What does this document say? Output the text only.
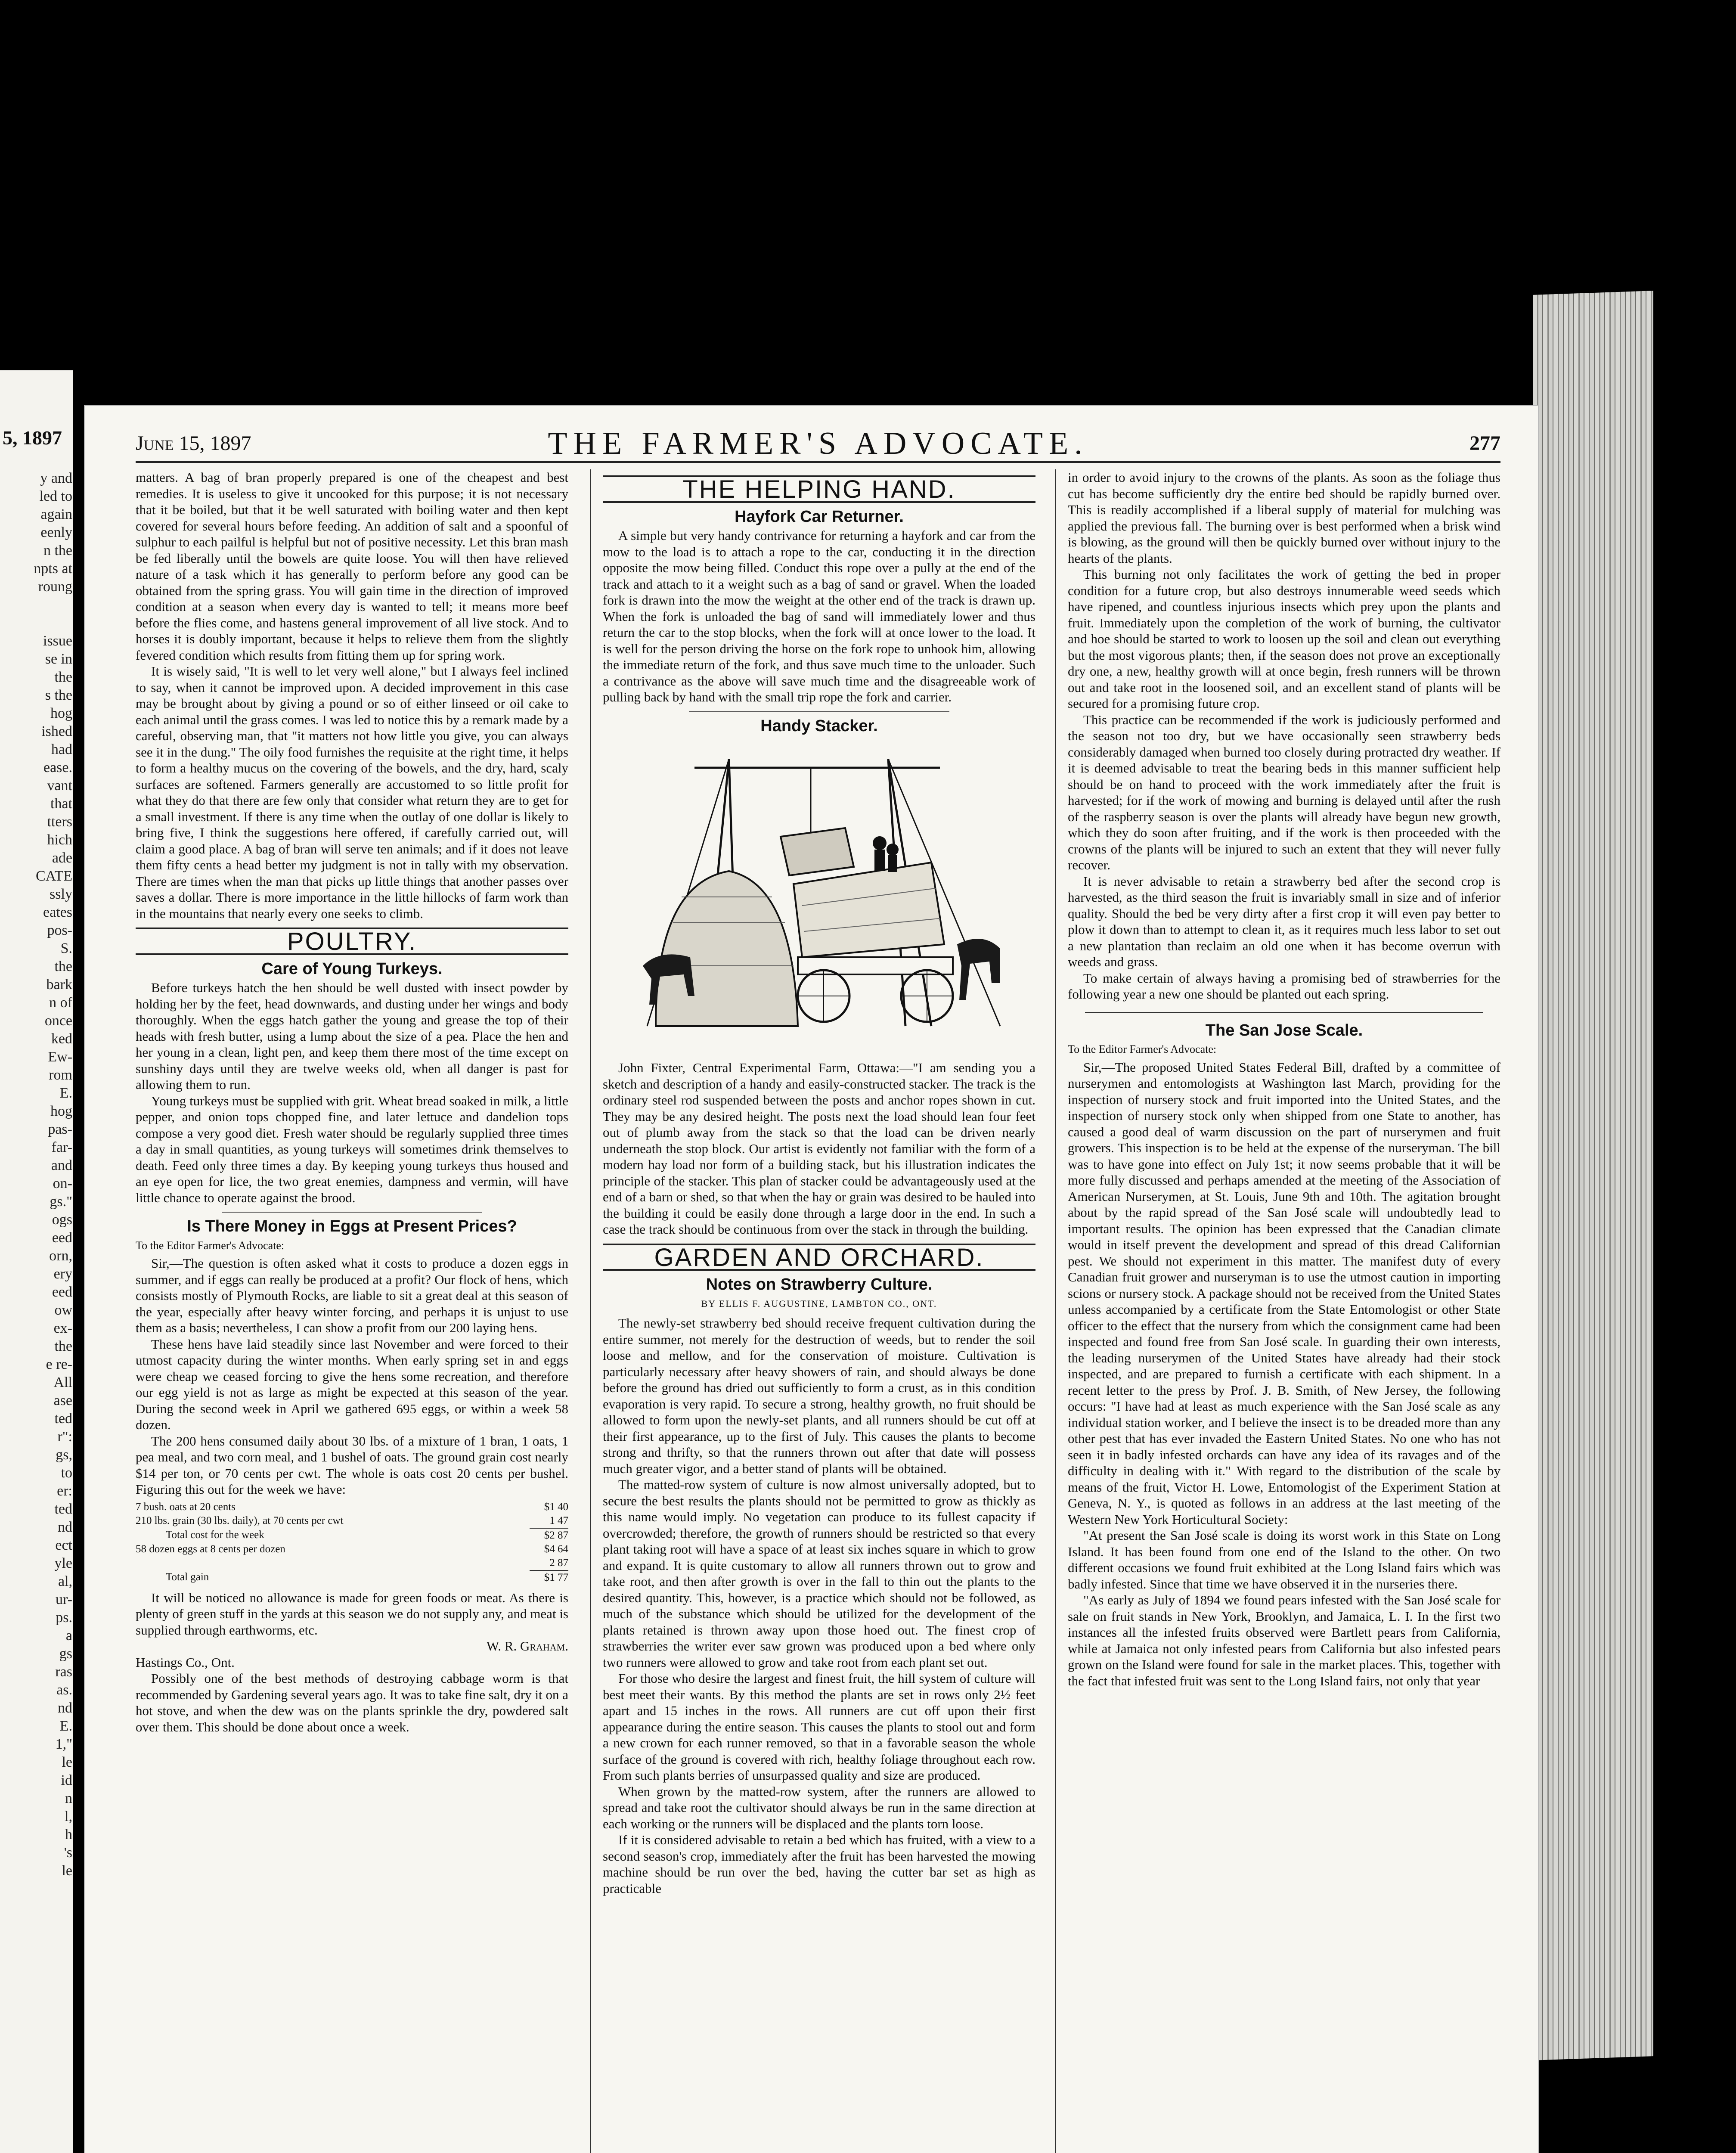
5, 1897
y and
led to
again
eenly
n the
npts at
roung

issue
se in
the
s the
hog
ished
had
ease.
vant
that
tters
hich
ade
CATE
ssly
eates
pos-
S.
the
bark
n of
once
ked
Ew-
rom
E.
hog
pas-
far-
and
on-
gs."
ogs
eed
orn,
ery
eed
ow
ex-
the
e re-
All
ase
ted
r":
gs,
to
er:
ted
nd
ect
yle
al,
ur-
ps.
a
gs
ras
as.
nd
E.
1,"
le
id
n
l,
h
's
le
June 15, 1897	THE FARMER'S ADVOCATE.	277

matters. A bag of bran properly prepared is one of the cheapest and best remedies. It is useless to give it uncooked for this purpose; it is not necessary that it be boiled, but that it be well saturated with boiling water and then kept covered for several hours before feeding. An addition of salt and a spoonful of sulphur to each pailful is helpful but not of positive necessity. Let this bran mash be fed liberally until the bowels are quite loose. You will then have relieved nature of a task which it has generally to perform before any good can be obtained from the spring grass. You will gain time in the direction of improved condition at a season when every day is wanted to tell; it means more beef before the flies come, and hastens general improvement of all live stock. And to horses it is doubly important, because it helps to relieve them from the slightly fevered condition which results from fitting them up for spring work.

It is wisely said, "It is well to let very well alone," but I always feel inclined to say, when it cannot be improved upon. A decided improvement in this case may be brought about by giving a pound or so of either linseed or oil cake to each animal until the grass comes. I was led to notice this by a remark made by a careful, observing man, that "it matters not how little you give, you can always see it in the dung." The oily food furnishes the requisite at the right time, it helps to form a healthy mucus on the covering of the bowels, and the dry, hard, scaly surfaces are softened. Farmers generally are accustomed to so little profit for what they do that there are few only that consider what return they are to get for a small investment. If there is any time when the outlay of one dollar is likely to bring five, I think the suggestions here offered, if carefully carried out, will claim a good place. A bag of bran will serve ten animals; and if it does not leave them fifty cents a head better my judgment is not in tally with my observation. There are times when the man that picks up little things that another passes over saves a dollar. There is more importance in the little hillocks of farm work than in the mountains that nearly every one seeks to climb.

POULTRY.
Care of Young Turkeys.

Before turkeys hatch the hen should be well dusted with insect powder by holding her by the feet, head downwards, and dusting under her wings and body thoroughly. When the eggs hatch gather the young and grease the top of their heads with fresh butter, using a lump about the size of a pea. Place the hen and her young in a clean, light pen, and keep them there most of the time except on sunshiny days until they are twelve weeks old, when all danger is past for allowing them to run.

Young turkeys must be supplied with grit. Wheat bread soaked in milk, a little pepper, and onion tops chopped fine, and later lettuce and dandelion tops compose a very good diet. Fresh water should be regularly supplied three times a day in small quantities, as young turkeys will sometimes drink themselves to death. Feed only three times a day. By keeping young turkeys thus housed and an eye open for lice, the two great enemies, dampness and vermin, will have little chance to operate against the brood.

Is There Money in Eggs at Present Prices?
To the Editor Farmer's Advocate:

Sir,—The question is often asked what it costs to produce a dozen eggs in summer, and if eggs can really be produced at a profit? Our flock of hens, which consists mostly of Plymouth Rocks, are liable to sit a great deal at this season of the year, especially after heavy winter forcing, and perhaps it is unjust to use them as a basis; nevertheless, I can show a profit from our 200 laying hens.

These hens have laid steadily since last November and were forced to their utmost capacity during the winter months. When early spring set in and eggs were cheap we ceased forcing to give the hens some recreation, and therefore our egg yield is not as large as might be expected at this season of the year. During the second week in April we gathered 695 eggs, or within a week 58 dozen.

The 200 hens consumed daily about 30 lbs. of a mixture of 1 bran, 1 oats, 1 pea meal, and two corn meal, and 1 bushel of oats. The ground grain cost nearly $14 per ton, or 70 cents per cwt. The whole is oats cost 20 cents per bushel. Figuring this out for the week we have:

7 bush. oats at 20 cents	$1 40
210 lbs. grain (30 lbs. daily), at 70 cents per cwt	1 47
Total cost for the week	$2 87
58 dozen eggs at 8 cents per dozen	$4 64
	2 87
Total gain	$1 77

It will be noticed no allowance is made for green foods or meat. As there is plenty of green stuff in the yards at this season we do not supply any, and meat is supplied through earthworms, etc.

W. R. Graham.

Hastings Co., Ont.

Possibly one of the best methods of destroying cabbage worm is that recommended by Gardening several years ago. It was to take fine salt, dry it on a hot stove, and when the dew was on the plants sprinkle the dry, powdered salt over them. This should be done about once a week.

THE HELPING HAND.
Hayfork Car Returner.

A simple but very handy contrivance for returning a hayfork and car from the mow to the load is to attach a rope to the car, conducting it in the direction opposite the mow being filled. Conduct this rope over a pully at the end of the track and attach to it a weight such as a bag of sand or gravel. When the loaded fork is drawn into the mow the weight at the other end of the track is drawn up. When the fork is unloaded the bag of sand will immediately lower and thus return the car to the stop blocks, when the fork will at once lower to the load. It is well for the person driving the horse on the fork rope to unhook him, allowing the immediate return of the fork, and thus save much time to the unloader. Such a contrivance as the above will save much time and the disagreeable work of pulling back by hand with the small trip rope the fork and carrier.

Handy Stacker.

John Fixter, Central Experimental Farm, Ottawa:—"I am sending you a sketch and description of a handy and easily-constructed stacker. The track is the ordinary steel rod suspended between the posts and anchor ropes shown in cut. They may be any desired height. The posts next the load should lean four feet out of plumb away from the stack so that the load can be driven nearly underneath the stop block. Our artist is evidently not familiar with the form of a modern hay load nor form of a building stack, but his illustration indicates the principle of the stacker. This plan of stacker could be advantageously used at the end of a barn or shed, so that when the hay or grain was desired to be hauled into the building it could be easily done through a large door in the end. In such a case the track should be continuous from over the stack in through the building.

GARDEN AND ORCHARD.
Notes on Strawberry Culture.
BY ELLIS F. AUGUSTINE, LAMBTON CO., ONT.

The newly-set strawberry bed should receive frequent cultivation during the entire summer, not merely for the destruction of weeds, but to render the soil loose and mellow, and for the conservation of moisture. Cultivation is particularly necessary after heavy showers of rain, and should always be done before the ground has dried out sufficiently to form a crust, as in this condition evaporation is very rapid. To secure a strong, healthy growth, no fruit should be allowed to form upon the newly-set plants, and all runners should be cut off at their first appearance, up to the first of July. This causes the plants to become strong and thrifty, so that the runners thrown out after that date will possess much greater vigor, and a better stand of plants will be obtained.

The matted-row system of culture is now almost universally adopted, but to secure the best results the plants should not be permitted to grow as thickly as this name would imply. No vegetation can produce to its fullest capacity if overcrowded; therefore, the growth of runners should be restricted so that every plant taking root will have a space of at least six inches square in which to grow and expand. It is quite customary to allow all runners thrown out to grow and take root, and then after growth is over in the fall to thin out the plants to the desired quantity. This, however, is a practice which should not be followed, as much of the substance which should be utilized for the development of the plants retained is thrown away upon those hoed out. The finest crop of strawberries the writer ever saw grown was produced upon a bed where only two runners were allowed to grow and take root from each plant set out.

For those who desire the largest and finest fruit, the hill system of culture will best meet their wants. By this method the plants are set in rows only 2½ feet apart and 15 inches in the rows. All runners are cut off upon their first appearance during the entire season. This causes the plants to stool out and form a new crown for each runner removed, so that in a favorable season the whole surface of the ground is covered with rich, healthy foliage throughout each row. From such plants berries of unsurpassed quality and size are produced.

When grown by the matted-row system, after the runners are allowed to spread and take root the cultivator should always be run in the same direction at each working or the runners will be displaced and the plants torn loose.

If it is considered advisable to retain a bed which has fruited, with a view to a second season's crop, immediately after the fruit has been harvested the mowing machine should be run over the bed, having the cutter bar set as high as practicable

in order to avoid injury to the crowns of the plants. As soon as the foliage thus cut has become sufficiently dry the entire bed should be rapidly burned over. This is readily accomplished if a liberal supply of material for mulching was applied the previous fall. The burning over is best performed when a brisk wind is blowing, as the ground will then be quickly burned over without injury to the hearts of the plants.

This burning not only facilitates the work of getting the bed in proper condition for a future crop, but also destroys innumerable weed seeds which have ripened, and countless injurious insects which prey upon the plants and fruit. Immediately upon the completion of the work of burning, the cultivator and hoe should be started to work to loosen up the soil and clean out everything but the most vigorous plants; then, if the season does not prove an exceptionally dry one, a new, healthy growth will at once begin, fresh runners will be thrown out and take root in the loosened soil, and an excellent stand of plants will be secured for a promising future crop.

This practice can be recommended if the work is judiciously performed and the season not too dry, but we have occasionally seen strawberry beds considerably damaged when burned too closely during protracted dry weather. If it is deemed advisable to treat the bearing beds in this manner sufficient help should be on hand to proceed with the work immediately after the fruit is harvested; for if the work of mowing and burning is delayed until after the rush of the raspberry season is over the plants will already have begun new growth, which they do soon after fruiting, and if the work is then proceeded with the crowns of the plants will be injured to such an extent that they will never fully recover.

It is never advisable to retain a strawberry bed after the second crop is harvested, as the third season the fruit is invariably small in size and of inferior quality. Should the bed be very dirty after a first crop it will even pay better to plow it down than to attempt to clean it, as it requires much less labor to set out a new plantation than reclaim an old one when it has become overrun with weeds and grass.

To make certain of always having a promising bed of strawberries for the following year a new one should be planted out each spring.

The San Jose Scale.
To the Editor Farmer's Advocate:

Sir,—The proposed United States Federal Bill, drafted by a committee of nurserymen and entomologists at Washington last March, providing for the inspection of nursery stock and fruit imported into the United States, and the inspection of nursery stock only when shipped from one State to another, has caused a good deal of warm discussion on the part of nurserymen and fruit growers. This inspection is to be held at the expense of the nurseryman. The bill was to have gone into effect on July 1st; it now seems probable that it will be more fully discussed and perhaps amended at the meeting of the Association of American Nurserymen, at St. Louis, June 9th and 10th. The agitation brought about by the rapid spread of the San José scale will undoubtedly lead to important results. The opinion has been expressed that the Canadian climate would in itself prevent the development and spread of this dread Californian pest. We should not experiment in this matter. The manifest duty of every Canadian fruit grower and nurseryman is to use the utmost caution in importing scions or nursery stock. A package should not be received from the United States unless accompanied by a certificate from the State Entomologist or other State officer to the effect that the nursery from which the consignment came had been inspected and found free from San José scale. In guarding their own interests, the leading nurserymen of the United States have already had their stock inspected, and are prepared to furnish a certificate with each shipment. In a recent letter to the press by Prof. J. B. Smith, of New Jersey, the following occurs: "I have had at least as much experience with the San José scale as any individual station worker, and I believe the insect is to be dreaded more than any other pest that has ever invaded the Eastern United States. No one who has not seen it in badly infested orchards can have any idea of its ravages and of the difficulty in dealing with it." With regard to the distribution of the scale by means of the fruit, Victor H. Lowe, Entomologist of the Experiment Station at Geneva, N. Y., is quoted as follows in an address at the last meeting of the Western New York Horticultural Society:

"At present the San José scale is doing its worst work in this State on Long Island. It has been found from one end of the Island to the other. On two different occasions we found fruit exhibited at the Long Island fairs which was badly infested. Since that time we have observed it in the nurseries there.

"As early as July of 1894 we found pears infested with the San José scale for sale on fruit stands in New York, Brooklyn, and Jamaica, L. I. In the first two instances all the infested fruits observed were Bartlett pears from California, while at Jamaica not only infested pears from California but also infested pears grown on the Island were found for sale in the market places. This, together with the fact that infested fruit was sent to the Long Island fairs, not only that year
